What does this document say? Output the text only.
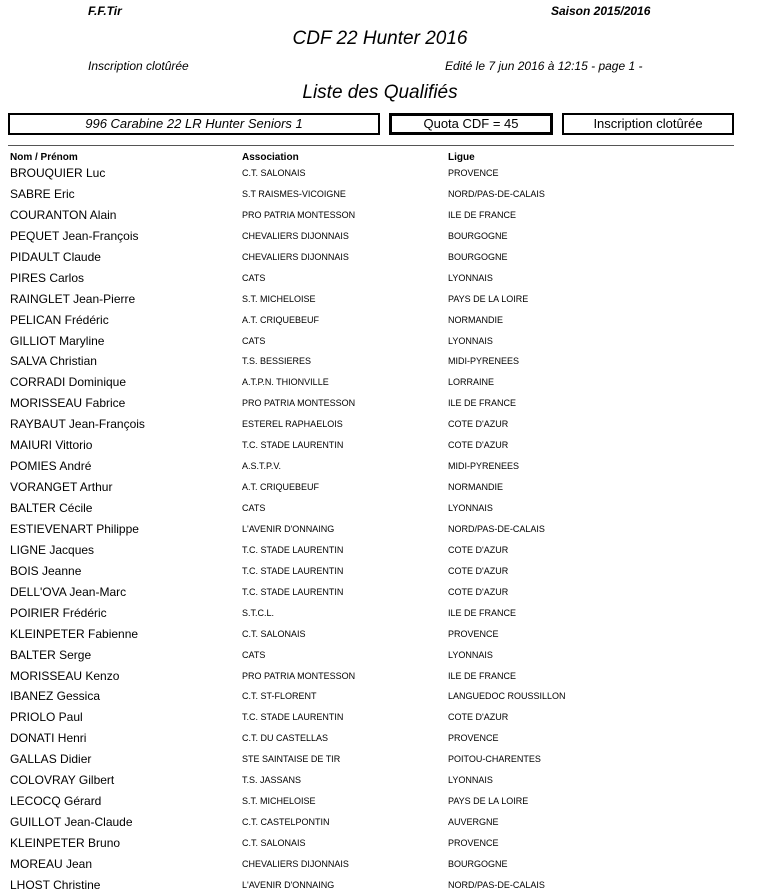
F.F.Tir	Saison 2015/2016
CDF 22 Hunter 2016
Inscription clotûrée	Edité le 7 jun 2016 à 12:15 - page 1 -
Liste des Qualifiés
996 Carabine 22 LR Hunter Seniors 1	Quota CDF = 45	Inscription clotûrée
Nom / Prénom	Association	Ligue
BROUQUIER Luc	C.T. SALONAIS	PROVENCE
SABRE Eric	S.T RAISMES-VICOIGNE	NORD/PAS-DE-CALAIS
COURANTON Alain	PRO PATRIA MONTESSON	ILE DE FRANCE
PEQUET Jean-François	CHEVALIERS DIJONNAIS	BOURGOGNE
PIDAULT Claude	CHEVALIERS DIJONNAIS	BOURGOGNE
PIRES Carlos	CATS	LYONNAIS
RAINGLET Jean-Pierre	S.T. MICHELOISE	PAYS DE LA LOIRE
PELICAN Frédéric	A.T. CRIQUEBEUF	NORMANDIE
GILLIOT Maryline	CATS	LYONNAIS
SALVA Christian	T.S. BESSIERES	MIDI-PYRENEES
CORRADI Dominique	A.T.P.N. THIONVILLE	LORRAINE
MORISSEAU Fabrice	PRO PATRIA MONTESSON	ILE DE FRANCE
RAYBAUT Jean-François	ESTEREL RAPHAELOIS	COTE D'AZUR
MAIURI Vittorio	T.C. STADE LAURENTIN	COTE D'AZUR
POMIES André	A.S.T.P.V.	MIDI-PYRENEES
VORANGET Arthur	A.T. CRIQUEBEUF	NORMANDIE
BALTER Cécile	CATS	LYONNAIS
ESTIEVENART Philippe	L'AVENIR D'ONNAING	NORD/PAS-DE-CALAIS
LIGNE Jacques	T.C. STADE LAURENTIN	COTE D'AZUR
BOIS Jeanne	T.C. STADE LAURENTIN	COTE D'AZUR
DELL'OVA Jean-Marc	T.C. STADE LAURENTIN	COTE D'AZUR
POIRIER Frédéric	S.T.C.L.	ILE DE FRANCE
KLEINPETER Fabienne	C.T. SALONAIS	PROVENCE
BALTER Serge	CATS	LYONNAIS
MORISSEAU Kenzo	PRO PATRIA MONTESSON	ILE DE FRANCE
IBANEZ Gessica	C.T. ST-FLORENT	LANGUEDOC ROUSSILLON
PRIOLO Paul	T.C. STADE LAURENTIN	COTE D'AZUR
DONATI Henri	C.T. DU CASTELLAS	PROVENCE
GALLAS Didier	STE SAINTAISE DE TIR	POITOU-CHARENTES
COLOVRAY Gilbert	T.S. JASSANS	LYONNAIS
LECOCQ Gérard	S.T. MICHELOISE	PAYS DE LA LOIRE
GUILLOT Jean-Claude	C.T. CASTELPONTIN	AUVERGNE
KLEINPETER Bruno	C.T. SALONAIS	PROVENCE
MOREAU Jean	CHEVALIERS DIJONNAIS	BOURGOGNE
LHOST Christine	L'AVENIR D'ONNAING	NORD/PAS-DE-CALAIS
